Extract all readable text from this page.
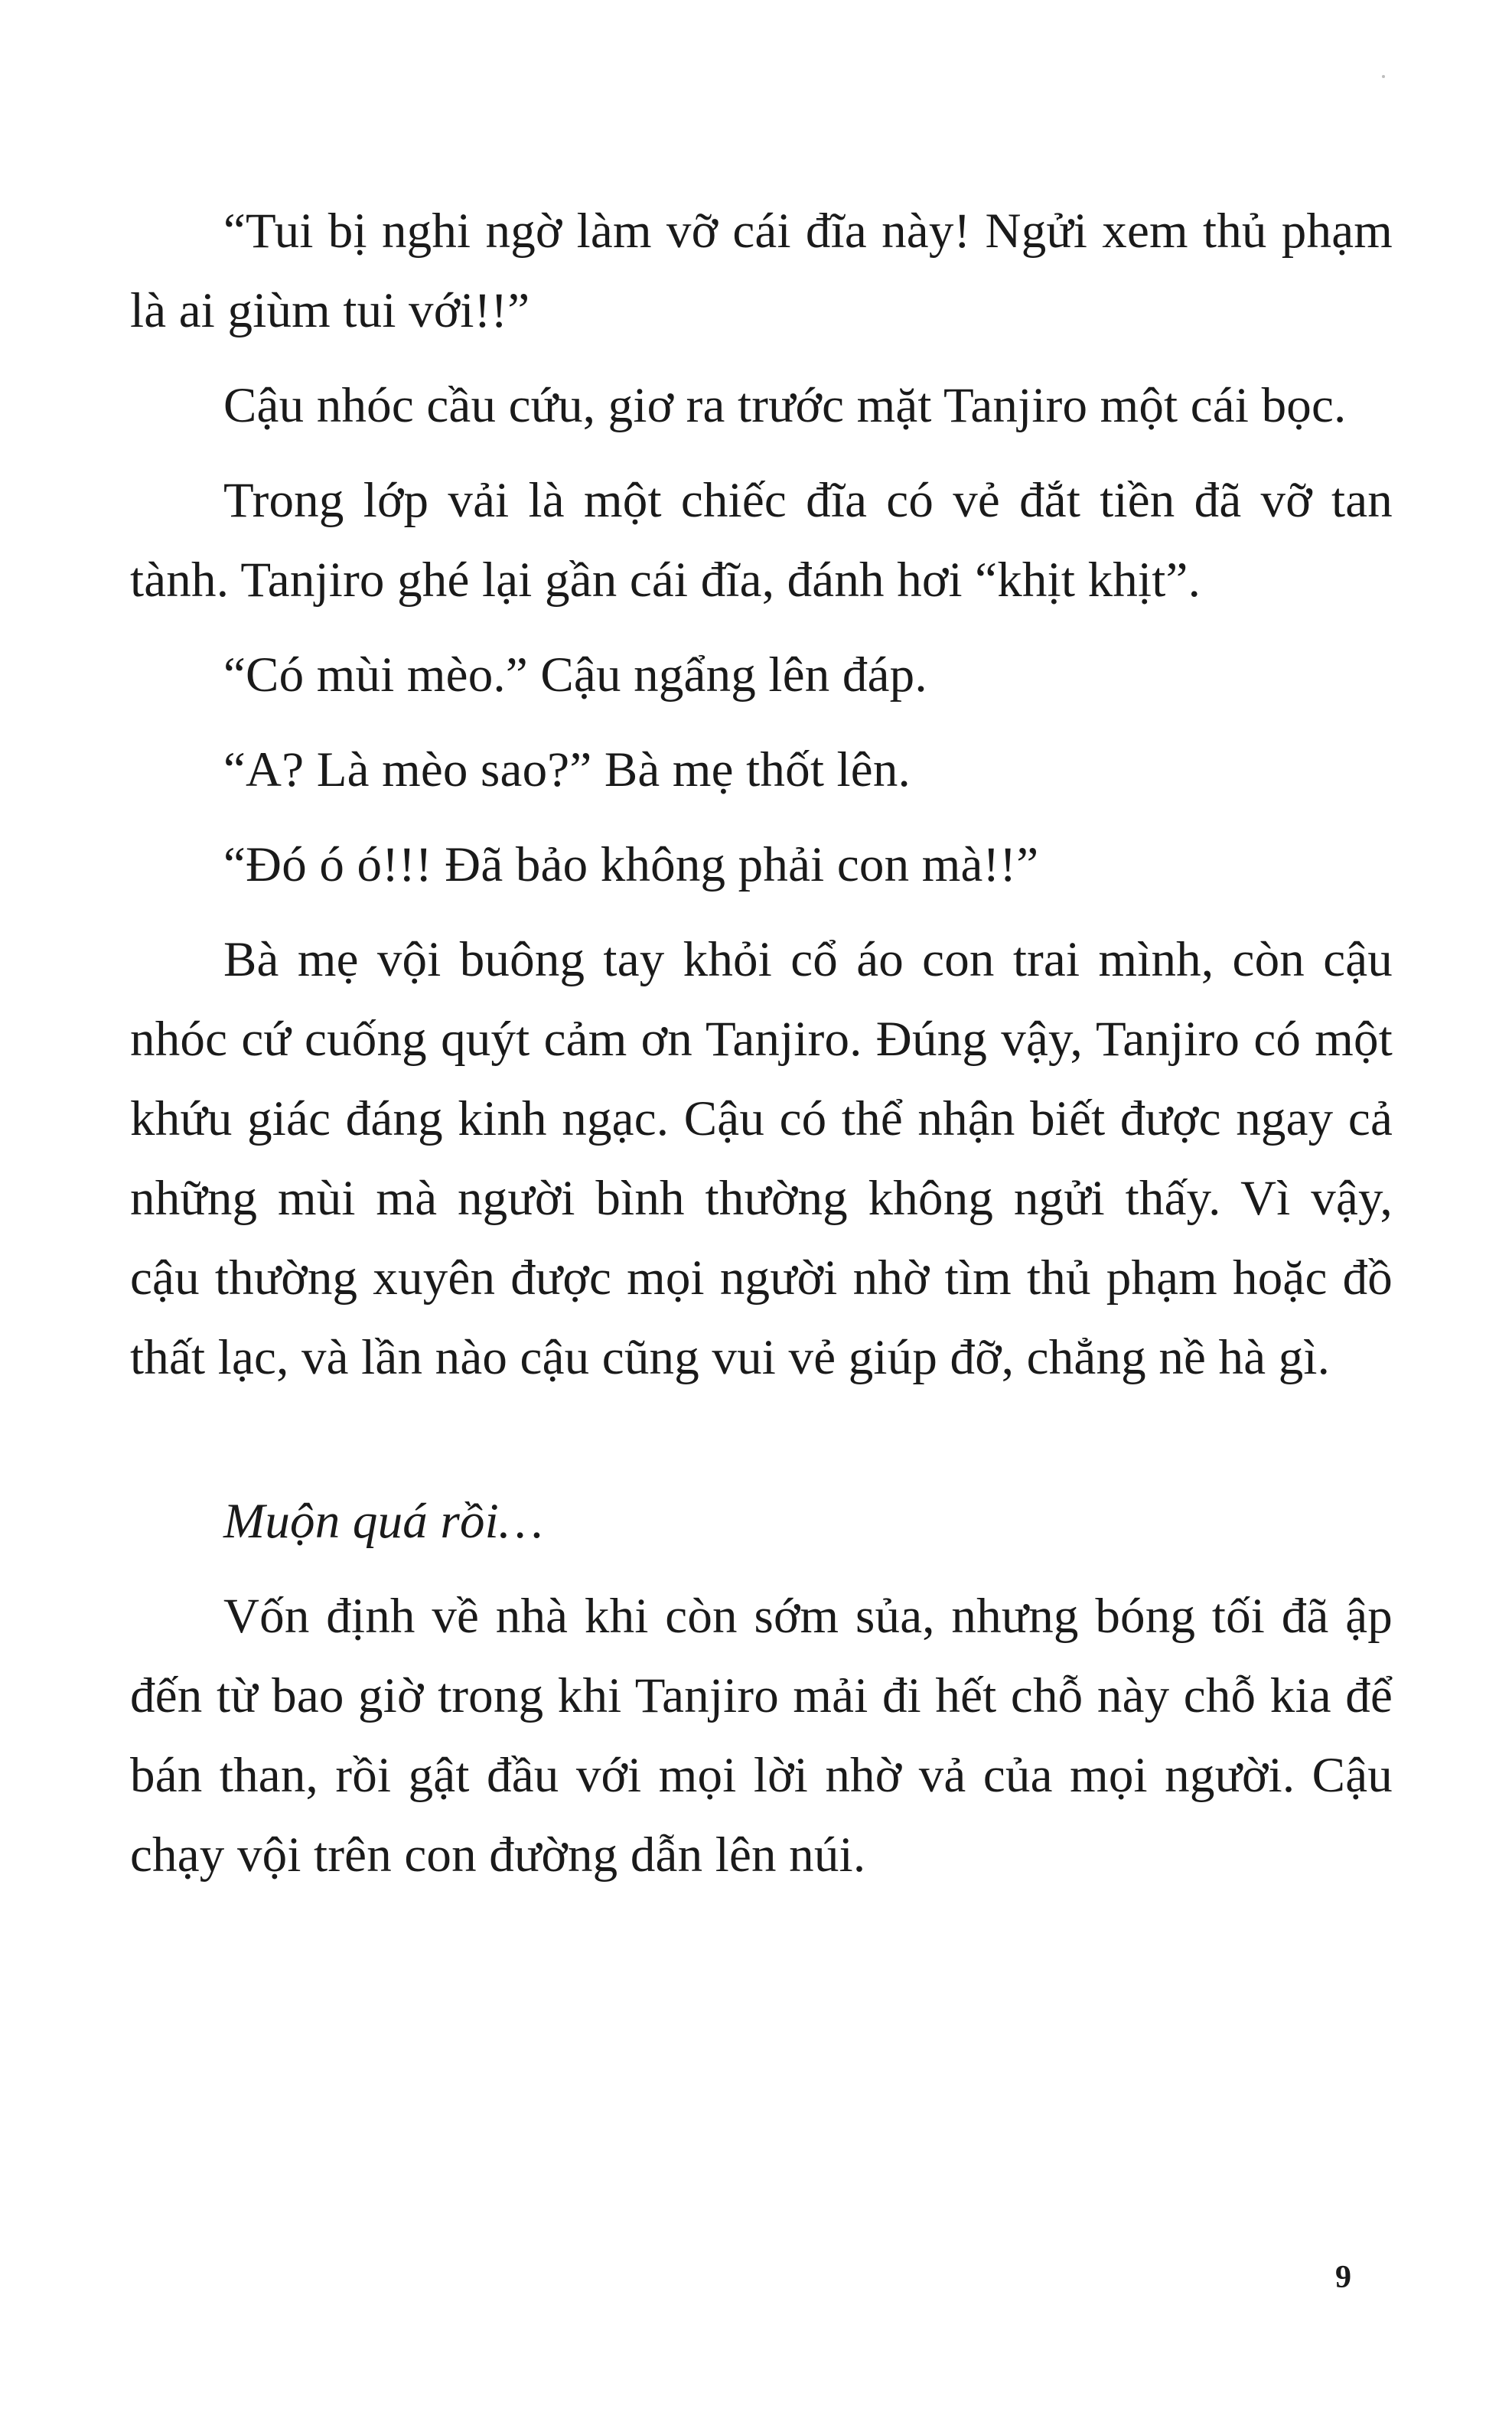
“Tui bị nghi ngờ làm vỡ cái đĩa này! Ngửi xem thủ phạm là ai giùm tui với!!”

Cậu nhóc cầu cứu, giơ ra trước mặt Tanjiro một cái bọc.

Trong lớp vải là một chiếc đĩa có vẻ đắt tiền đã vỡ tan tành. Tanjiro ghé lại gần cái đĩa, đánh hơi “khịt khịt”.

“Có mùi mèo.” Cậu ngẩng lên đáp.

“A? Là mèo sao?” Bà mẹ thốt lên.

“Đó ó ó!!! Đã bảo không phải con mà!!”

Bà mẹ vội buông tay khỏi cổ áo con trai mình, còn cậu nhóc cứ cuống quýt cảm ơn Tanjiro. Đúng vậy, Tanjiro có một khứu giác đáng kinh ngạc. Cậu có thể nhận biết được ngay cả những mùi mà người bình thường không ngửi thấy. Vì vậy, cậu thường xuyên được mọi người nhờ tìm thủ phạm hoặc đồ thất lạc, và lần nào cậu cũng vui vẻ giúp đỡ, chẳng nề hà gì.

Muộn quá rồi…

Vốn định về nhà khi còn sớm sủa, nhưng bóng tối đã ập đến từ bao giờ trong khi Tanjiro mải đi hết chỗ này chỗ kia để bán than, rồi gật đầu với mọi lời nhờ vả của mọi người. Cậu chạy vội trên con đường dẫn lên núi.

9
